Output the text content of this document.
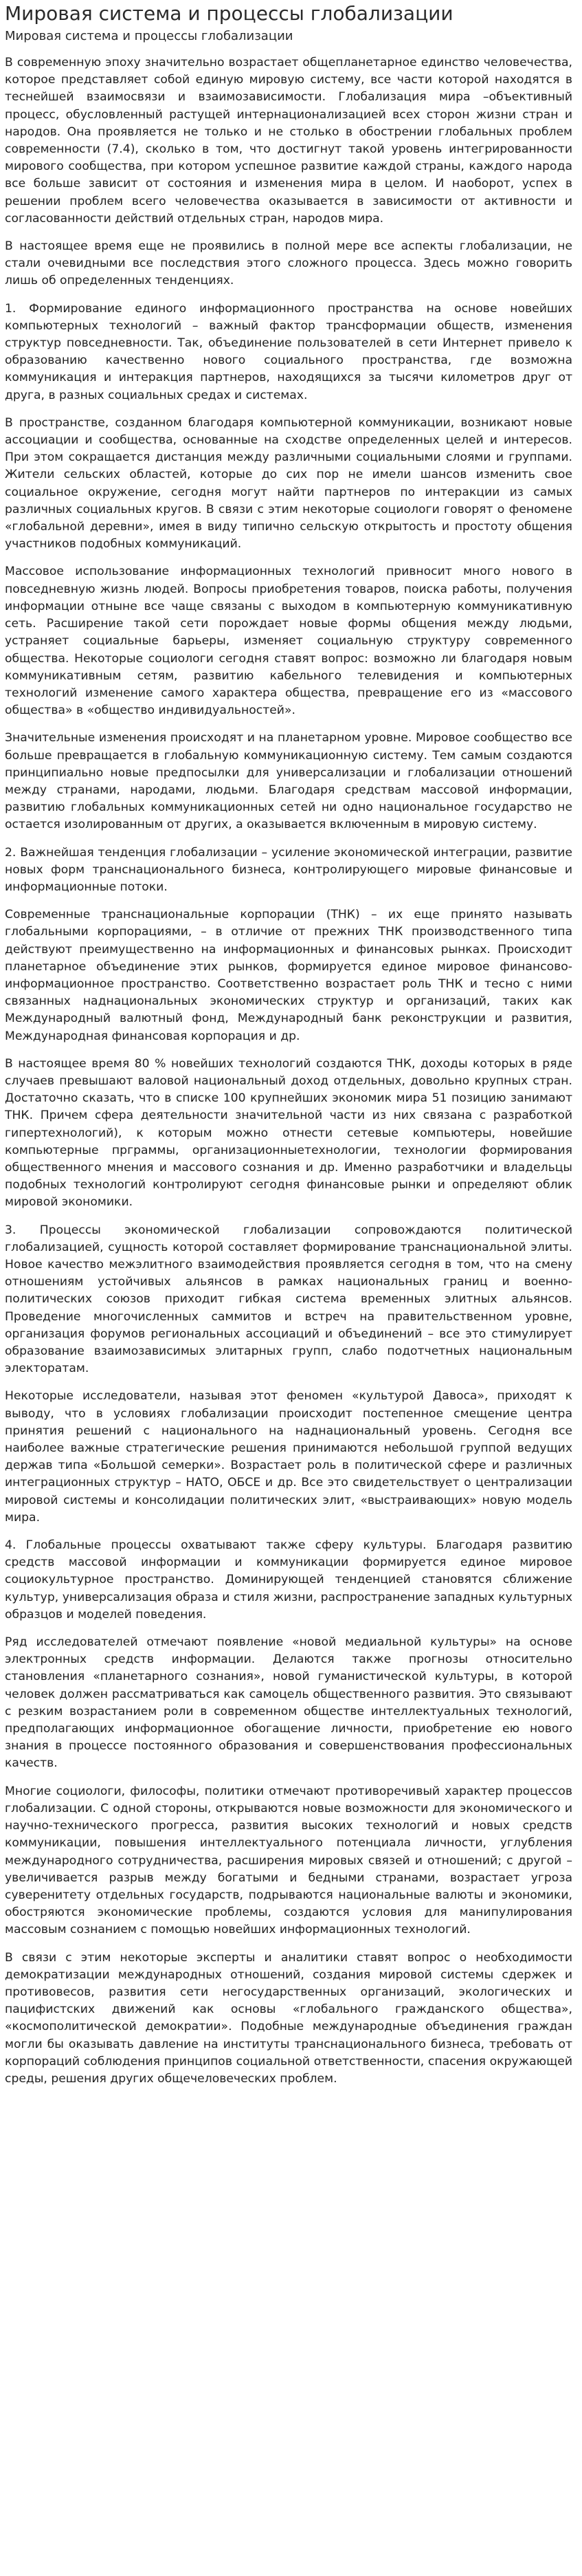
Мировая система и процессы глобализации
Мировая система и процессы глобализации

В современную эпоху значительно возрастает общепланетарное единство человечества, которое представляет собой единую мировую систему, все части которой находятся в теснейшей взаимосвязи и взаимозависимости. Глобализация мира –объективный процесс, обусловленный растущей интернационализацией всех сторон жизни стран и народов. Она проявляется не только и не столько в обострении глобальных проблем современности (7.4), сколько в том, что достигнут такой уровень интегрированности мирового сообщества, при котором успешное развитие каждой страны, каждого народа все больше зависит от состояния и изменения мира в целом. И наоборот, успех в решении проблем всего человечества оказывается в зависимости от активности и согласованности действий отдельных стран, народов мира.

В настоящее время еще не проявились в полной мере все аспекты глобализации, не стали очевидными все последствия этого сложного процесса. Здесь можно говорить лишь об определенных тенденциях.

1. Формирование единого информационного пространства на основе новейших компьютерных технологий – важный фактор трансформации обществ, изменения структур повседневности. Так, объединение пользователей в сети Интернет привело к образованию качественно нового социального пространства, где возможна коммуникация и интеракция партнеров, находящихся за тысячи километров друг от друга, в разных социальных средах и системах.

В пространстве, созданном благодаря компьютерной коммуникации, возникают новые ассоциации и сообщества, основанные на сходстве определенных целей и интересов. При этом сокращается дистанция между различными социальными слоями и группами. Жители сельских областей, которые до сих пор не имели шансов изменить свое социальное окружение, сегодня могут найти партнеров по интеракции из самых различных социальных кругов. В связи с этим некоторые социологи говорят о феномене «глобальной деревни», имея в виду типично сельскую открытость и простоту общения участников подобных коммуникаций.

Массовое использование информационных технологий привносит много нового в повседневную жизнь людей. Вопросы приобретения товаров, поиска работы, получения информации отныне все чаще связаны с выходом в компьютерную коммуникативную сеть. Расширение такой сети порождает новые формы общения между людьми, устраняет социальные барьеры, изменяет социальную структуру современного общества. Некоторые социологи сегодня ставят вопрос: возможно ли благодаря новым коммуникативным сетям, развитию кабельного телевидения и компьютерных технологий изменение самого характера общества, превращение его из «массового общества» в «общество индивидуальностей».

Значительные изменения происходят и на планетарном уровне. Мировое сообщество все больше превращается в глобальную коммуникационную систему. Тем самым создаются принципиально новые предпосылки для универсализации и глобализации отношений между странами, народами, людьми. Благодаря средствам массовой информации, развитию глобальных коммуникационных сетей ни одно национальное государство не остается изолированным от других, а оказывается включенным в мировую систему.

2. Важнейшая тенденция глобализации – усиление экономической интеграции, развитие новых форм транснационального бизнеса, контролирующего мировые финансовые и информационные потоки.

Современные транснациональные корпорации (ТНК) – их еще принято называть глобальными корпорациями, – в отличие от прежних ТНК производственного типа действуют преимущественно на информационных и финансовых рынках. Происходит планетарное объединение этих рынков, формируется единое мировое финансово-информационное пространство. Соответственно возрастает роль ТНК и тесно с ними связанных наднациональных экономических структур и организаций, таких как Международный валютный фонд, Международный банк реконструкции и развития, Международная финансовая корпорация и др.

В настоящее время 80 % новейших технологий создаются ТНК, доходы которых в ряде случаев превышают валовой национальный доход отдельных, довольно крупных стран. Достаточно сказать, что в списке 100 крупнейших экономик мира 51 позицию занимают ТНК. Причем сфера деятельности значительной части из них связана с разработкой гипертехнологий), к которым можно отнести сетевые компьютеры, новейшие компьютерные прграммы, организационныетехнологии, технологии формирования общественного мнения и массового сознания и др. Именно разработчики и владельцы подобных технологий контролируют сегодня финансовые рынки и определяют облик мировой экономики.

3. Процессы экономической глобализации сопровождаются политической глобализацией, сущность которой составляет формирование транснациональной элиты. Новое качество межэлитного взаимодействия проявляется сегодня в том, что на смену отношениям устойчивых альянсов в рамках национальных границ и военно-политических союзов приходит гибкая система временных элитных альянсов. Проведение многочисленных саммитов и встреч на правительственном уровне, организация форумов региональных ассоциаций и объединений – все это стимулирует образование взаимозависимых элитарных групп, слабо подотчетных национальным электоратам.

Некоторые исследователи, называя этот феномен «культурой Давоса», приходят к выводу, что в условиях глобализации происходит постепенное смещение центра принятия решений с национального на наднациональный уровень. Сегодня все наиболее важные стратегические решения принимаются небольшой группой ведущих держав типа «Большой семерки». Возрастает роль в политической сфере и различных интеграционных структур – НАТО, ОБСЕ и др. Все это свидетельствует о централизации мировой системы и консолидации политических элит, «выстраивающих» новую модель мира.

4. Глобальные процессы охватывают также сферу культуры. Благодаря развитию средств массовой информации и коммуникации формируется единое мировое социокультурное пространство. Доминирующей тенденцией становятся сближение культур, универсализация образа и стиля жизни, распространение западных культурных образцов и моделей поведения.

Ряд исследователей отмечают появление «новой медиальной культуры» на основе электронных средств информации. Делаются также прогнозы относительно становления «планетарного сознания», новой гуманистической культуры, в которой человек должен рассматриваться как самоцель общественного развития. Это связывают с резким возрастанием роли в современном обществе интеллектуальных технологий, предполагающих информационное обогащение личности, приобретение ею нового знания в процессе постоянного образования и совершенствования профессиональных качеств.

Многие социологи, философы, политики отмечают противоречивый характер процессов глобализации. С одной стороны, открываются новые возможности для экономического и научно-технического прогресса, развития высоких технологий и новых средств коммуникации, повышения интеллектуального потенциала личности, углубления международного сотрудничества, расширения мировых связей и отношений; с другой – увеличивается разрыв между богатыми и бедными странами, возрастает угроза суверенитету отдельных государств, подрываются национальные валюты и экономики, обостряются экономические проблемы, создаются условия для манипулирования массовым сознанием с помощью новейших информационных технологий.

В связи с этим некоторые эксперты и аналитики ставят вопрос о необходимости демократизации международных отношений, создания мировой системы сдержек и противовесов, развития сети негосударственных организаций, экологических и пацифистских движений как основы «глобального гражданского общества», «космополитической демократии». Подобные международные объединения граждан могли бы оказывать давление на институты транснационального бизнеса, требовать от корпораций соблюдения принципов социальной ответственности, спасения окружающей среды, решения других общечеловеческих проблем.
